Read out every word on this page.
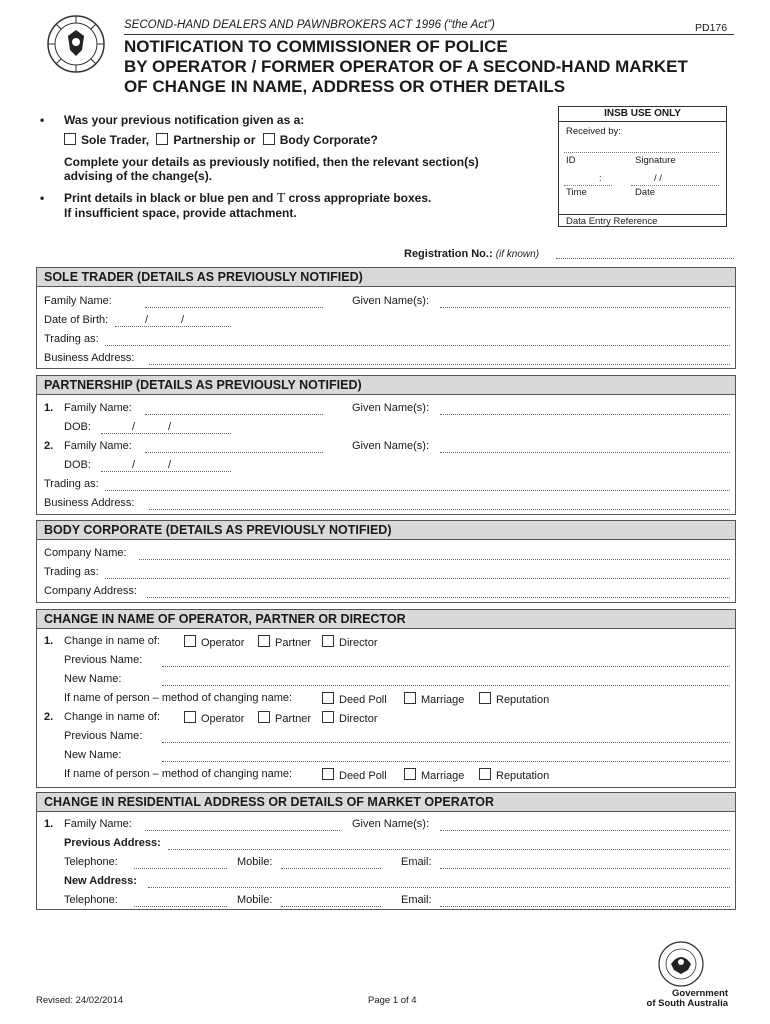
SECOND-HAND DEALERS AND PAWNBROKERS ACT 1996 (“the Act”)	PD176
NOTIFICATION TO COMMISSIONER OF POLICE
BY OPERATOR / FORMER OPERATOR OF A SECOND-HAND MARKET
OF CHANGE IN NAME, ADDRESS OR OTHER DETAILS
• Was your previous notification given as a:
Sole Trader, Partnership or Body Corporate?
Complete your details as previously notified, then the relevant section(s)
advising of the change(s).
• Print details in black or blue pen and T cross appropriate boxes.
If insufficient space, provide attachment.
INSB USE ONLY
Received by:
ID	Signature
:	/ /
Time	Date
Data Entry Reference
Registration No.: (if known)
SOLE TRADER (DETAILS AS PREVIOUSLY NOTIFIED)
Family Name:	Given Name(s):
Date of Birth:	/	/
Trading as:
Business Address:
PARTNERSHIP (DETAILS AS PREVIOUSLY NOTIFIED)
1. Family Name:	Given Name(s):
DOB:	/	/
2. Family Name:	Given Name(s):
DOB:	/	/
Trading as:
Business Address:
BODY CORPORATE (DETAILS AS PREVIOUSLY NOTIFIED)
Company Name:
Trading as:
Company Address:
CHANGE IN NAME OF OPERATOR, PARTNER OR DIRECTOR
1. Change in name of:	Operator	Partner	Director
Previous Name:
New Name:
If name of person – method of changing name:	Deed Poll	Marriage	Reputation
2. Change in name of:	Operator	Partner	Director
Previous Name:
New Name:
If name of person – method of changing name:	Deed Poll	Marriage	Reputation
CHANGE IN RESIDENTIAL ADDRESS OR DETAILS OF MARKET OPERATOR
1. Family Name:	Given Name(s):
Previous Address:
Telephone:	Mobile:	Email:
New Address:
Telephone:	Mobile:	Email:
Revised: 24/02/2014	Page 1 of 4
Government
of South Australia
